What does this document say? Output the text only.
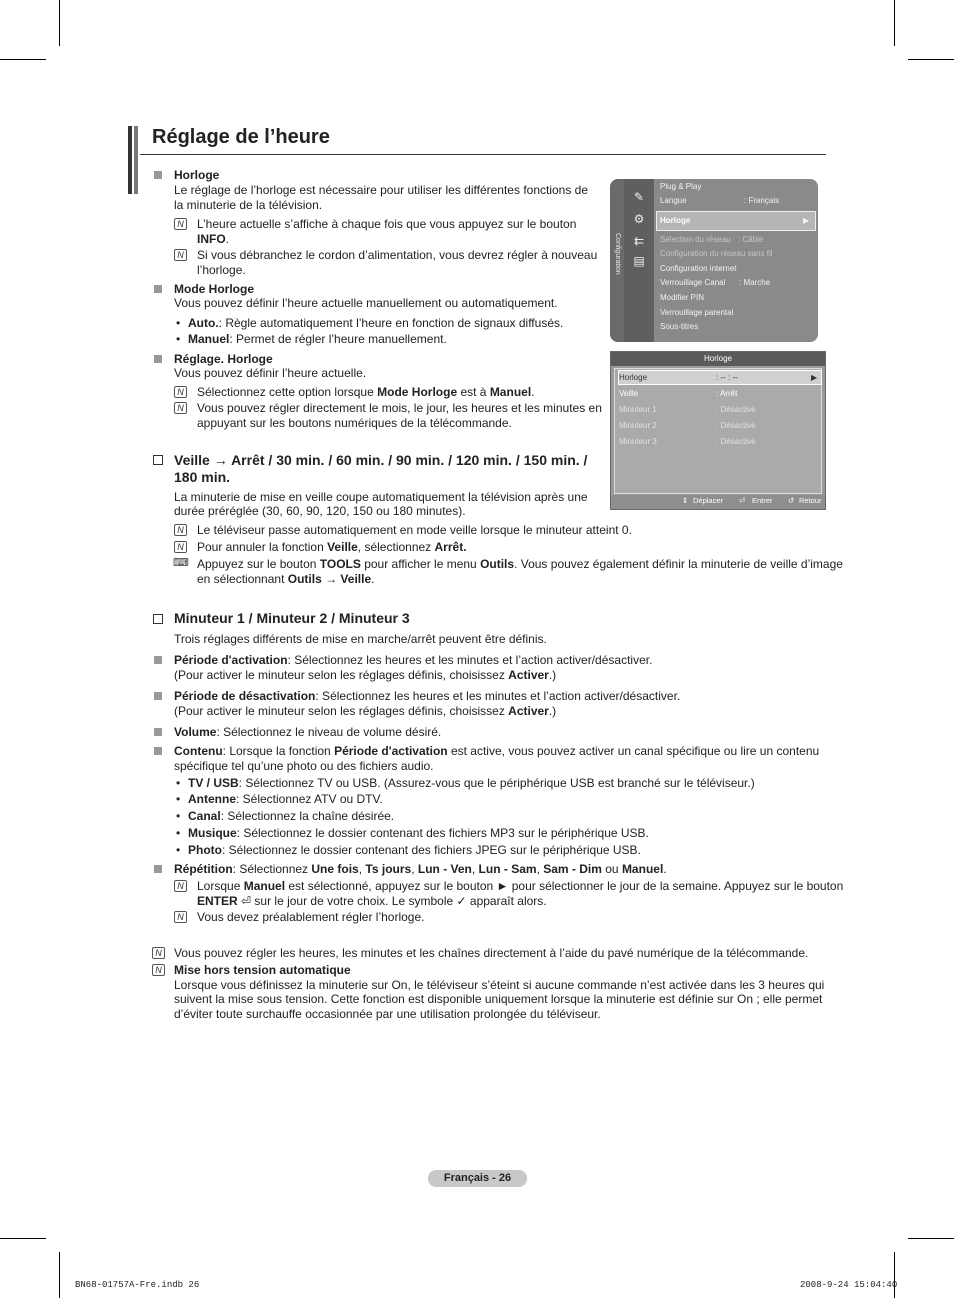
Réglage de l’heure
Horloge
Le réglage de l’horloge est nécessaire pour utiliser les différentes fonctions de
la minuterie de la télévision.
N L’heure actuelle s’affiche à chaque fois que vous appuyez sur le bouton
INFO.
N Si vous débranchez le cordon d’alimentation, vous devrez régler à nouveau
l’horloge.
Mode Horloge
Vous pouvez définir l’heure actuelle manuellement ou automatiquement.
• Auto.: Règle automatiquement l’heure en fonction de signaux diffusés.
• Manuel: Permet de régler l’heure manuellement.
Réglage. Horloge
Vous pouvez définir l’heure actuelle.
N Sélectionnez cette option lorsque Mode Horloge est à Manuel.
N Vous pouvez régler directement le mois, le jour, les heures et les minutes en
appuyant sur les boutons numériques de la télécommande.
Configuration
✎
⚙
⇇
▤
Plug & Play
Langue	: Français
Horloge	▶
Sélection du réseau : Câble
Configuration du réseau sans fil
Configuration internet
Verrouillage Canal : Marche
Modifier PIN
Verrouillage parental
Sous-titres
Horloge
Horloge	: -- : --	▶
Veille	: Arrêt
Minuteur 1	: Désactivé
Minuteur 2	: Désactivé
Minuteur 3	: Désactivé
⇕ Déplacer ⏎ Entrer ↺ Retour
Veille → Arrêt / 30 min. / 60 min. / 90 min. / 120 min. / 150 min. /
180 min.
La minuterie de mise en veille coupe automatiquement la télévision après une
durée préréglée (30, 60, 90, 120, 150 ou 180 minutes).
N Le téléviseur passe automatiquement en mode veille lorsque le minuteur atteint 0.
N Pour annuler la fonction Veille, sélectionnez Arrêt.
⌨ Appuyez sur le bouton TOOLS pour afficher le menu Outils. Vous pouvez également définir la minuterie de veille d’image
en sélectionnant Outils → Veille.
Minuteur 1 / Minuteur 2 / Minuteur 3
Trois réglages différents de mise en marche/arrêt peuvent être définis.
Période d'activation: Sélectionnez les heures et les minutes et l’action activer/désactiver.
(Pour activer le minuteur selon les réglages définis, choisissez Activer.)
Période de désactivation: Sélectionnez les heures et les minutes et l’action activer/désactiver.
(Pour activer le minuteur selon les réglages définis, choisissez Activer.)
Volume: Sélectionnez le niveau de volume désiré.
Contenu: Lorsque la fonction Période d'activation est active, vous pouvez activer un canal spécifique ou lire un contenu
spécifique tel qu’une photo ou des fichiers audio.
• TV / USB: Sélectionnez TV ou USB. (Assurez-vous que le périphérique USB est branché sur le téléviseur.)
• Antenne: Sélectionnez ATV ou DTV.
• Canal: Sélectionnez la chaîne désirée.
• Musique: Sélectionnez le dossier contenant des fichiers MP3 sur le périphérique USB.
• Photo: Sélectionnez le dossier contenant des fichiers JPEG sur le périphérique USB.
Répétition: Sélectionnez Une fois, Ts jours, Lun - Ven, Lun - Sam, Sam - Dim ou Manuel.
N Lorsque Manuel est sélectionné, appuyez sur le bouton ► pour sélectionner le jour de la semaine. Appuyez sur le bouton
ENTER ⏎ sur le jour de votre choix. Le symbole ✓ apparaît alors.
N Vous devez préalablement régler l’horloge.
N Vous pouvez régler les heures, les minutes et les chaînes directement à l’aide du pavé numérique de la télécommande.
N Mise hors tension automatique
Lorsque vous définissez la minuterie sur On, le téléviseur s’éteint si aucune commande n’est activée dans les 3 heures qui
suivent la mise sous tension. Cette fonction est disponible uniquement lorsque la minuterie est définie sur On ; elle permet
d’éviter toute surchauffe occasionnée par une utilisation prolongée du téléviseur.
Français - 26
BN68-01757A-Fre.indb 26	2008-9-24 15:04:40
